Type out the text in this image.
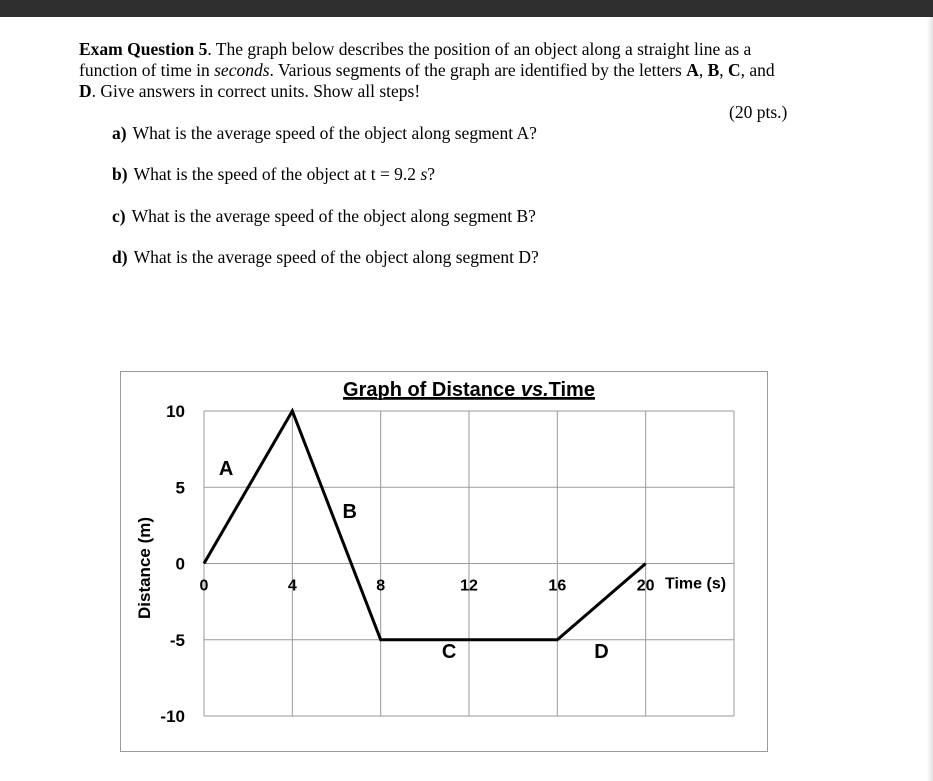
Exam Question 5. The graph below describes the position of an object along a straight line as a function of time in seconds. Various segments of the graph are identified by the letters A, B, C, and D. Give answers in correct units. Show all steps!
(20 pts.)
a) What is the average speed of the object along segment A?
b) What is the speed of the object at t = 9.2 s?
c) What is the average speed of the object along segment B?
d) What is the average speed of the object along segment D?
Graph of Distance vs.Time
10
5
0
-5
-10
0	4	8	12	16	20 Time (s)
Distance (m)
A
B
C	D
